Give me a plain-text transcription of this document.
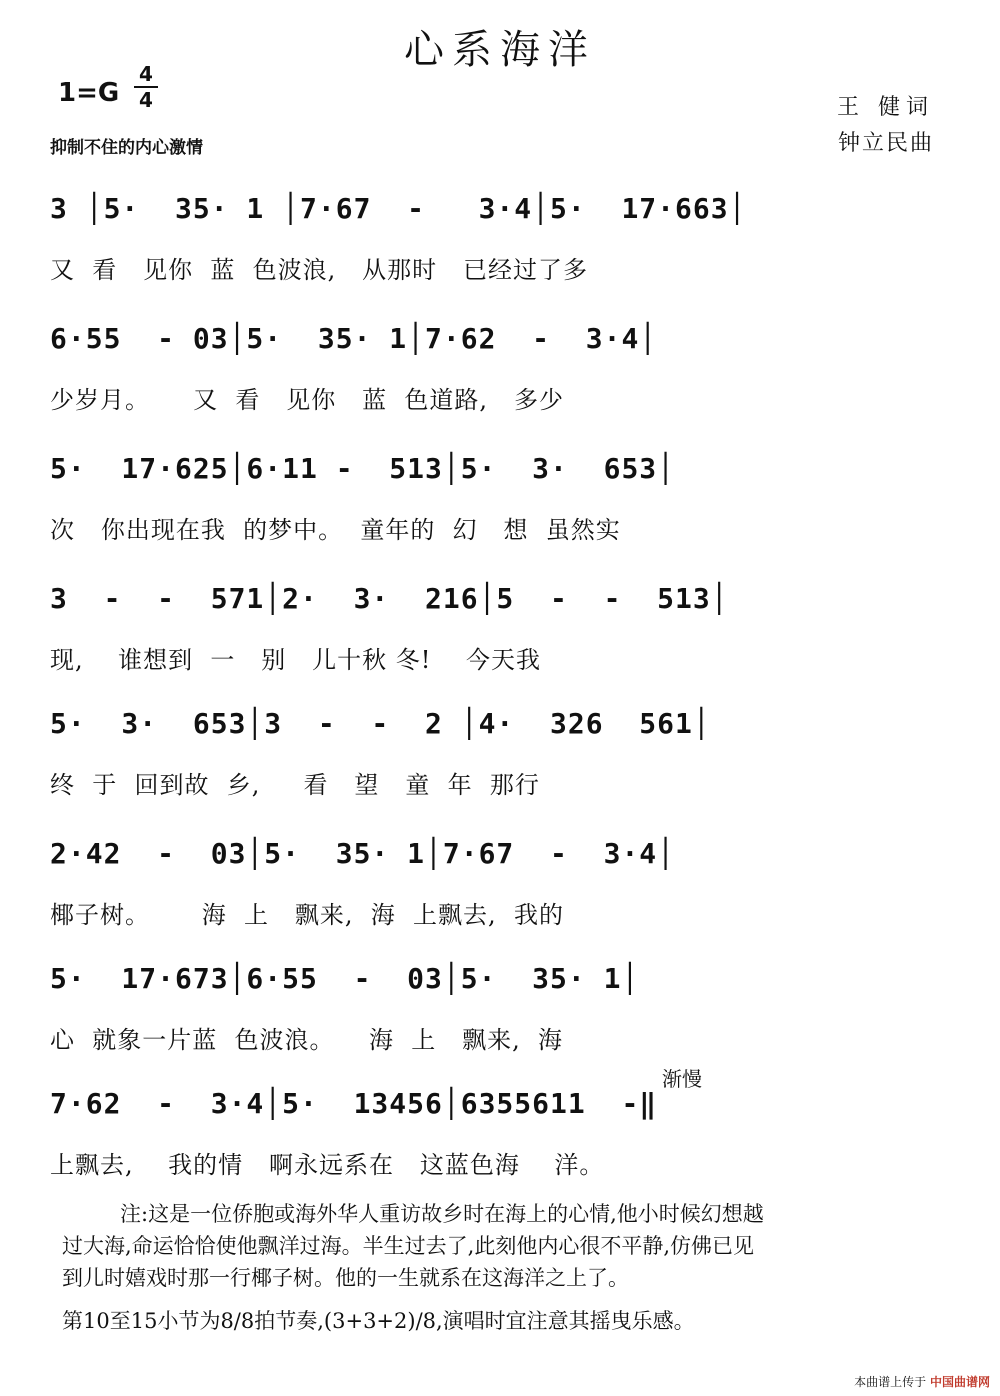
心系海洋
1=G
4
4	王 健词
钟立民曲
抑制不住的内心激情
渐慢
3 │5·  35· 1 │7·67  -   3·4│5·  17·663│
又  看   见你  蓝  色波浪,   从那时   已经过了多
6·55  - 03│5·  35· 1│7·62  -  3·4│
少岁月。     又  看   见你   蓝  色道路,   多少
5·  17·625│6·11 -  513│5·  3·  653│
次   你出现在我  的梦中。  童年的  幻   想  虽然实
3  -  -  571│2·  3·  216│5  -  -  513│
现,    谁想到  一   别   儿十秋 冬!    今天我
5·  3·  653│3  -  -  2 │4·  326  561│
终  于  回到故  乡,     看   望   童  年  那行
2·42  -  03│5·  35· 1│7·67  -  3·4│
椰子树。      海  上   飘来,  海  上飘去,  我的
5·  17·673│6·55  -  03│5·  35· 1│
心  就象一片蓝  色波浪。    海  上   飘来,  海
7·62  -  3·4│5·  13456│6355611  -‖
上飘去,    我的情   啊永远系在   这蓝色海    洋。
注:这是一位侨胞或海外华人重访故乡时在海上的心情,他小时候幻想越
过大海,命运恰恰使他飘洋过海。半生过去了,此刻他内心很不平静,仿佛已见
到儿时嬉戏时那一行椰子树。他的一生就系在这海洋之上了。
第10至15小节为8/8拍节奏,(3+3+2)/8,演唱时宜注意其摇曳乐感。
本曲谱上传于 中国曲谱网
